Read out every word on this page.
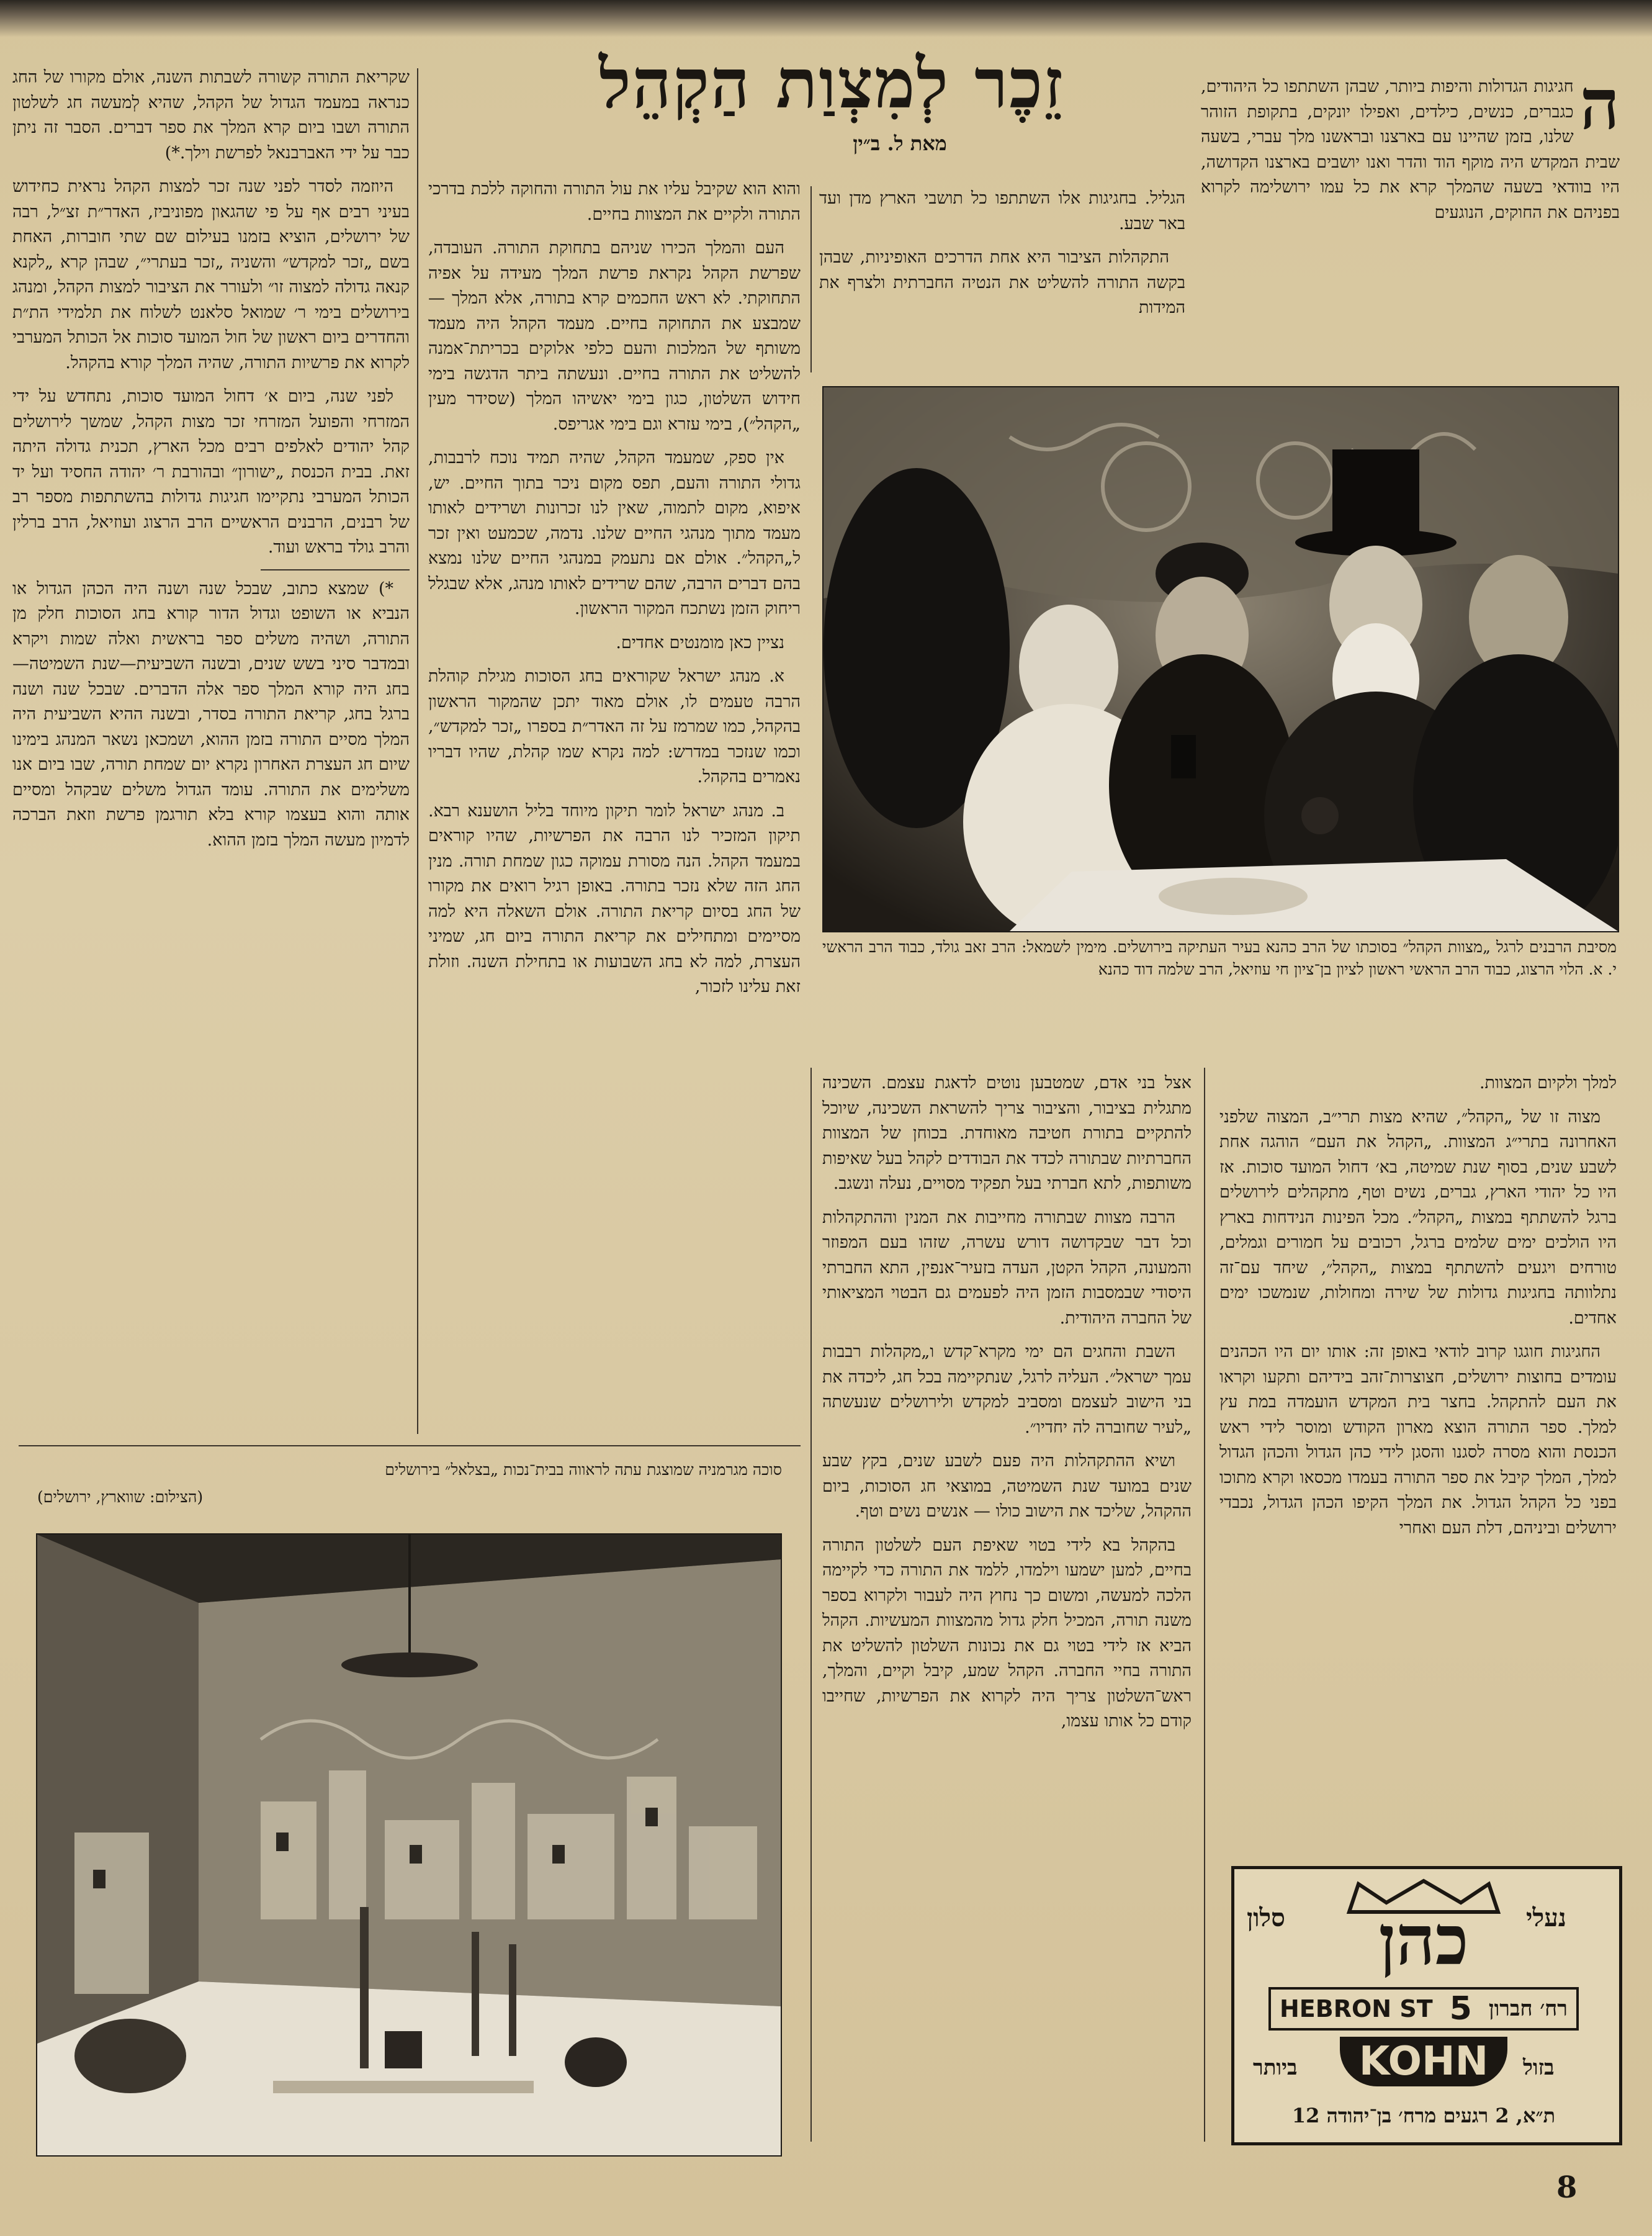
זֵכֶר לְמִצְוַת הַקְהֵל
מאת ל. ב״ין	ה
חגיגות הגדולות והיפות ביותר, שבהן השתתפו כל היהודים, כגברים, כנשים, כילדים, ואפילו יונקים, בתקופת הזוהר שלנו, בזמן שהיינו עם בארצנו ובראשנו מלך עברי, בשעה שבית המקדש היה מוקף הוד והדר ואנו יושבים בארצנו הקדושה, היו בוודאי בשעה שהמלך קרא את כל עמו ירושלימה לקרוא בפניהם את החוקים, הנוגעים

הגליל. בחגיגות אלו השתתפו כל תושבי הארץ מדן ועד באר שבע.

התקהלות הציבור היא אחת הדרכים האופיניות, שבהן בקשה התורה להשליט את הנטיה החברתית ולצרף את המידות

מסיבת הרבנים לרגל „מצוות הקהל״ בסוכתו של הרב כהנא בעיר העתיקה בירושלים. מימין לשמאל: הרב זאב גולד, כבוד הרב הראשי י. א. הלוי הרצוג, כבוד הרב הראשי ראשון לציון בן־ציון חי עוזיאל, הרב שלמה דוד כהנא

והוא הוא שקיבל עליו את עול התורה והחוקה ללכת בדרכי התורה ולקיים את המצוות בחיים.

העם והמלך הכירו שניהם בתחוקת התורה. העובדה, שפרשת הקהל נקראת פרשת המלך מעידה על אפיה התחוקתי. לא ראש החכמים קרא בתורה, אלא המלך — שמבצע את התחוקה בחיים. מעמד הקהל היה מעמד משותף של המלכות והעם כלפי אלוקים בכריתת־אמנה להשליט את התורה בחיים. ונעשתה ביתר הדגשה בימי חידוש השלטון, כגון בימי יאשיהו המלך (שסידר מעין „הקהל״), בימי עזרא וגם בימי אגריפס.

אין ספק, שמעמד הקהל, שהיה תמיד נוכח לרבבות, גדולי התורה והעם, תפס מקום ניכר בתוך החיים. יש, איפוא, מקום לתמוה, שאין לנו זכרונות ושרידים לאותו מעמד מתוך מנהגי החיים שלנו. נדמה, שכמעט ואין זכר ל„הקהל״. אולם אם נתעמק במנהגי החיים שלנו נמצא בהם דברים הרבה, שהם שרידים לאותו מנהג, אלא שבגלל ריחוק הזמן נשתכח המקור הראשון.

נציין כאן מומנטים אחדים.

א. מנהג ישראל שקוראים בחג הסוכות מגילת קוהלת הרבה טעמים לו, אולם מאוד יתכן שהמקור הראשון בהקהל, כמו שמרמז על זה האדר״ת בספרו „זכר למקדש״, וכמו שנזכר במדרש: למה נקרא שמו קהלת, שהיו דבריו נאמרים בהקהל.

ב. מנהג ישראל לומר תיקון מיוחד בליל הושענא רבא. תיקון המזכיר לנו הרבה את הפרשיות, שהיו קוראים במעמד הקהל. הנה מסורת עמוקה כגון שמחת תורה. מנין החג הזה שלא נזכר בתורה. באופן רגיל רואים את מקורו של החג בסיום קריאת התורה. אולם השאלה היא למה מסיימים ומתחילים את קריאת התורה ביום חג, שמיני העצרת, למה לא בחג השבועות או בתחילת השנה. וזולת זאת עלינו לזכור,

שקריאת התורה קשורה לשבתות השנה, אולם מקורו של החג כנראה במעמד הגדול של הקהל, שהיא לְמעשה חג לשלטון התורה ושבו ביום קרא המלך את ספר דברים. הסבר זה ניתן כבר על ידי האברבנאל לפרשת וילך.*)

היוזמה לסדר לפני שנה זכר למצות הקהל נראית כחידוש בעיני רבים אף על פי שהגאון מפוניביז, האדר״ת זצ״ל, רבה של ירושלים, הוציא בזמנו בעילום שם שתי חוברות, האחת בשם „זכר למקדש״ והשניה „זכר בעתרי״, שבהן קרא „לקנא קנאה גדולה למצוה זו״ ולעורר את הציבור למצות הקהל, ומנהג בירושלים בימי ר׳ שמואל סלאנט לשלוח את תלמידי הת״ת והחדרים ביום ראשון של חול המועד סוכות אל הכותל המערבי לקרוא את פרשיות התורה, שהיה המלך קורא בהקהל.

לפני שנה, ביום א׳ דחול המועד סוכות, נתחדש על ידי המזרחי והפועל המזרחי זכר מצות הקהל, שמשך לירושלים קהל יהודים לאלפים רבים מכל הארץ, תכנית גדולה היתה זאת. בבית הכנסת „ישורון״ ובהורבת ר׳ יהודה החסיד ועל יד הכותל המערבי נתקיימו חגיגות גדולות בהשתתפות מספר רב של רבנים, הרבנים הראשיים הרב הרצוג ועוזיאל, הרב ברלין והרב גולד בראש ועוד.

*) שמצא כתוב, שבכל שנה ושנה היה הכהן הגדול או הנביא או השופט וגדול הדור קורא בחג הסוכות חלק מן התורה, ושהיה משלים ספר בראשית ואלה שמות ויקרא ובמדבר סיני בשש שנים, ובשנה השביעית—שנת השמיטה— בחג היה קורא המלך ספר אלה הדברים. שבכל שנה ושנה ברגל בחג, קריאת התורה בסדר, ובשנה ההיא השביעית היה המלך מסיים התורה בזמן ההוא, ושמכאן נשאר המנהג בימינו שיום חג העצרת האחרון נקרא יום שמחת תורה, שבו ביום אנו משלימים את התורה. עומד הגדול משלים שבקהל ומסיים אותה והוא בעצמו קורא בלא תורגמן פרשת וזאת הברכה לדמיון מעשה המלך בזמן ההוא.

למלך ולקיום המצוות.

מצוה זו של „הקהל״, שהיא מצות תרי״ב, המצוה שלפני האחרונה בתרי״ג המצוות. „הקהל את העם״ הוהגה אחת לשבע שנים, בסוף שנת שמיטה, בא׳ דחול המועד סוכות. אז היו כל יהודי הארץ, גברים, נשים וטף, מתקהלים לירושלים ברגל להשתתף במצות „הקהל״. מכל הפינות הנידחות בארץ היו הולכים ימים שלמים ברגל, רכובים על חמורים וגמלים, טורחים ויגעים להשתתף במצות „הקהל״, שיחד עם־זה נתלוותה בחגיגות גדולות של שירה ומחולות, שנמשכו ימים אחדים.

החגיגות חוגגו קרוב לודאי באופן זה: אותו יום היו הכהנים עומדים בחוצות ירושלים, חצוצרות־זהב בידיהם ותקעו וקראו את העם להתקהל. בחצר בית המקדש הועמדה במת עץ למלך. ספר התורה הוצא מארון הקודש ומוסר לידי ראש הכנסת והוא מסרה לסגנו והסגן לידי כהן הגדול והכהן הגדול למלך, המלך קיבל את ספר התורה בעמדו מכסאו וקרא מתוכו בפני כל הקהל הגדול. את המלך הקיפו הכהן הגדול, נכבדי ירושלים וביניהם, דלת העם ואחרי

אצל בני אדם, שמטבען נוטים לדאגת עצמם. השכינה מתגלית בציבור, והציבור צריך להשראת השכינה, שיוכל להתקיים בתורת חטיבה מאוחדת. בכוחן של המצוות החברתיות שבתורה לכדד את הבודדים לקהל בעל שאיפות משותפות, לתא חברתי בעל תפקיד מסויים, נעלה ונשגב.

הרבה מצוות שבתורה מחייבות את המנין וההתקהלות וכל דבר שבקדושה דורש עשרה, שזהו בעם המפוזר והמעונה, הקהל הקטן, העדה בזעיר־אנפין, התא החברתי היסודי שבמסבות הזמן היה לפעמים גם הבטוי המציאותי של החברה היהודית.

השבת והחגים הם ימי מקרא־קדש ו„מקהלות רבבות עמך ישראל״. העליה לרגל, שנתקיימה בכל חג, ליכדה את בני הישוב לעצמם ומסביב למקדש ולירושלים שנעשתה „לעיר שחוברה לה יחדיו״.

ושיא ההתקהלות היה פעם לשבע שנים, בקץ שבע שנים במועד שנת השמיטה, במוצאי חג הסוכות, ביום ההקהל, שליכד את הישוב כולו — אנשים נשים וטף.

בהקהל בא לידי בטוי שאיפת העם לשלטון התורה בחיים, למען ישמעו וילמדו, ללמד את התורה כדי לקיימה הלכה למעשה, ומשום כך נחוץ היה לעבור ולקרוא בספר משנה תורה, המכיל חלק גדול מהמצוות המעשיות. הקהל הביא אז לידי בטוי גם את נכונות השלטון להשליט את התורה בחיי החברה. הקהל שמע, קיבל וקיים, והמלך, ראש־השלטון צריך היה לקרוא את הפרשיות, שחייבו קודם כל אותו עצמו,

סוכה מגרמניה שמוצגת עתה לראווה בבית־נכות „בצלאל״ בירושלים
(הצילום: שווארץ, ירושלים)
נעלי
סלון	כהן
HEBRON ST 5 רח׳ חברון
KOHN	בזול
ביותר
ת״א, 2 רגעים מרח׳ בן־יהודה 12
8
